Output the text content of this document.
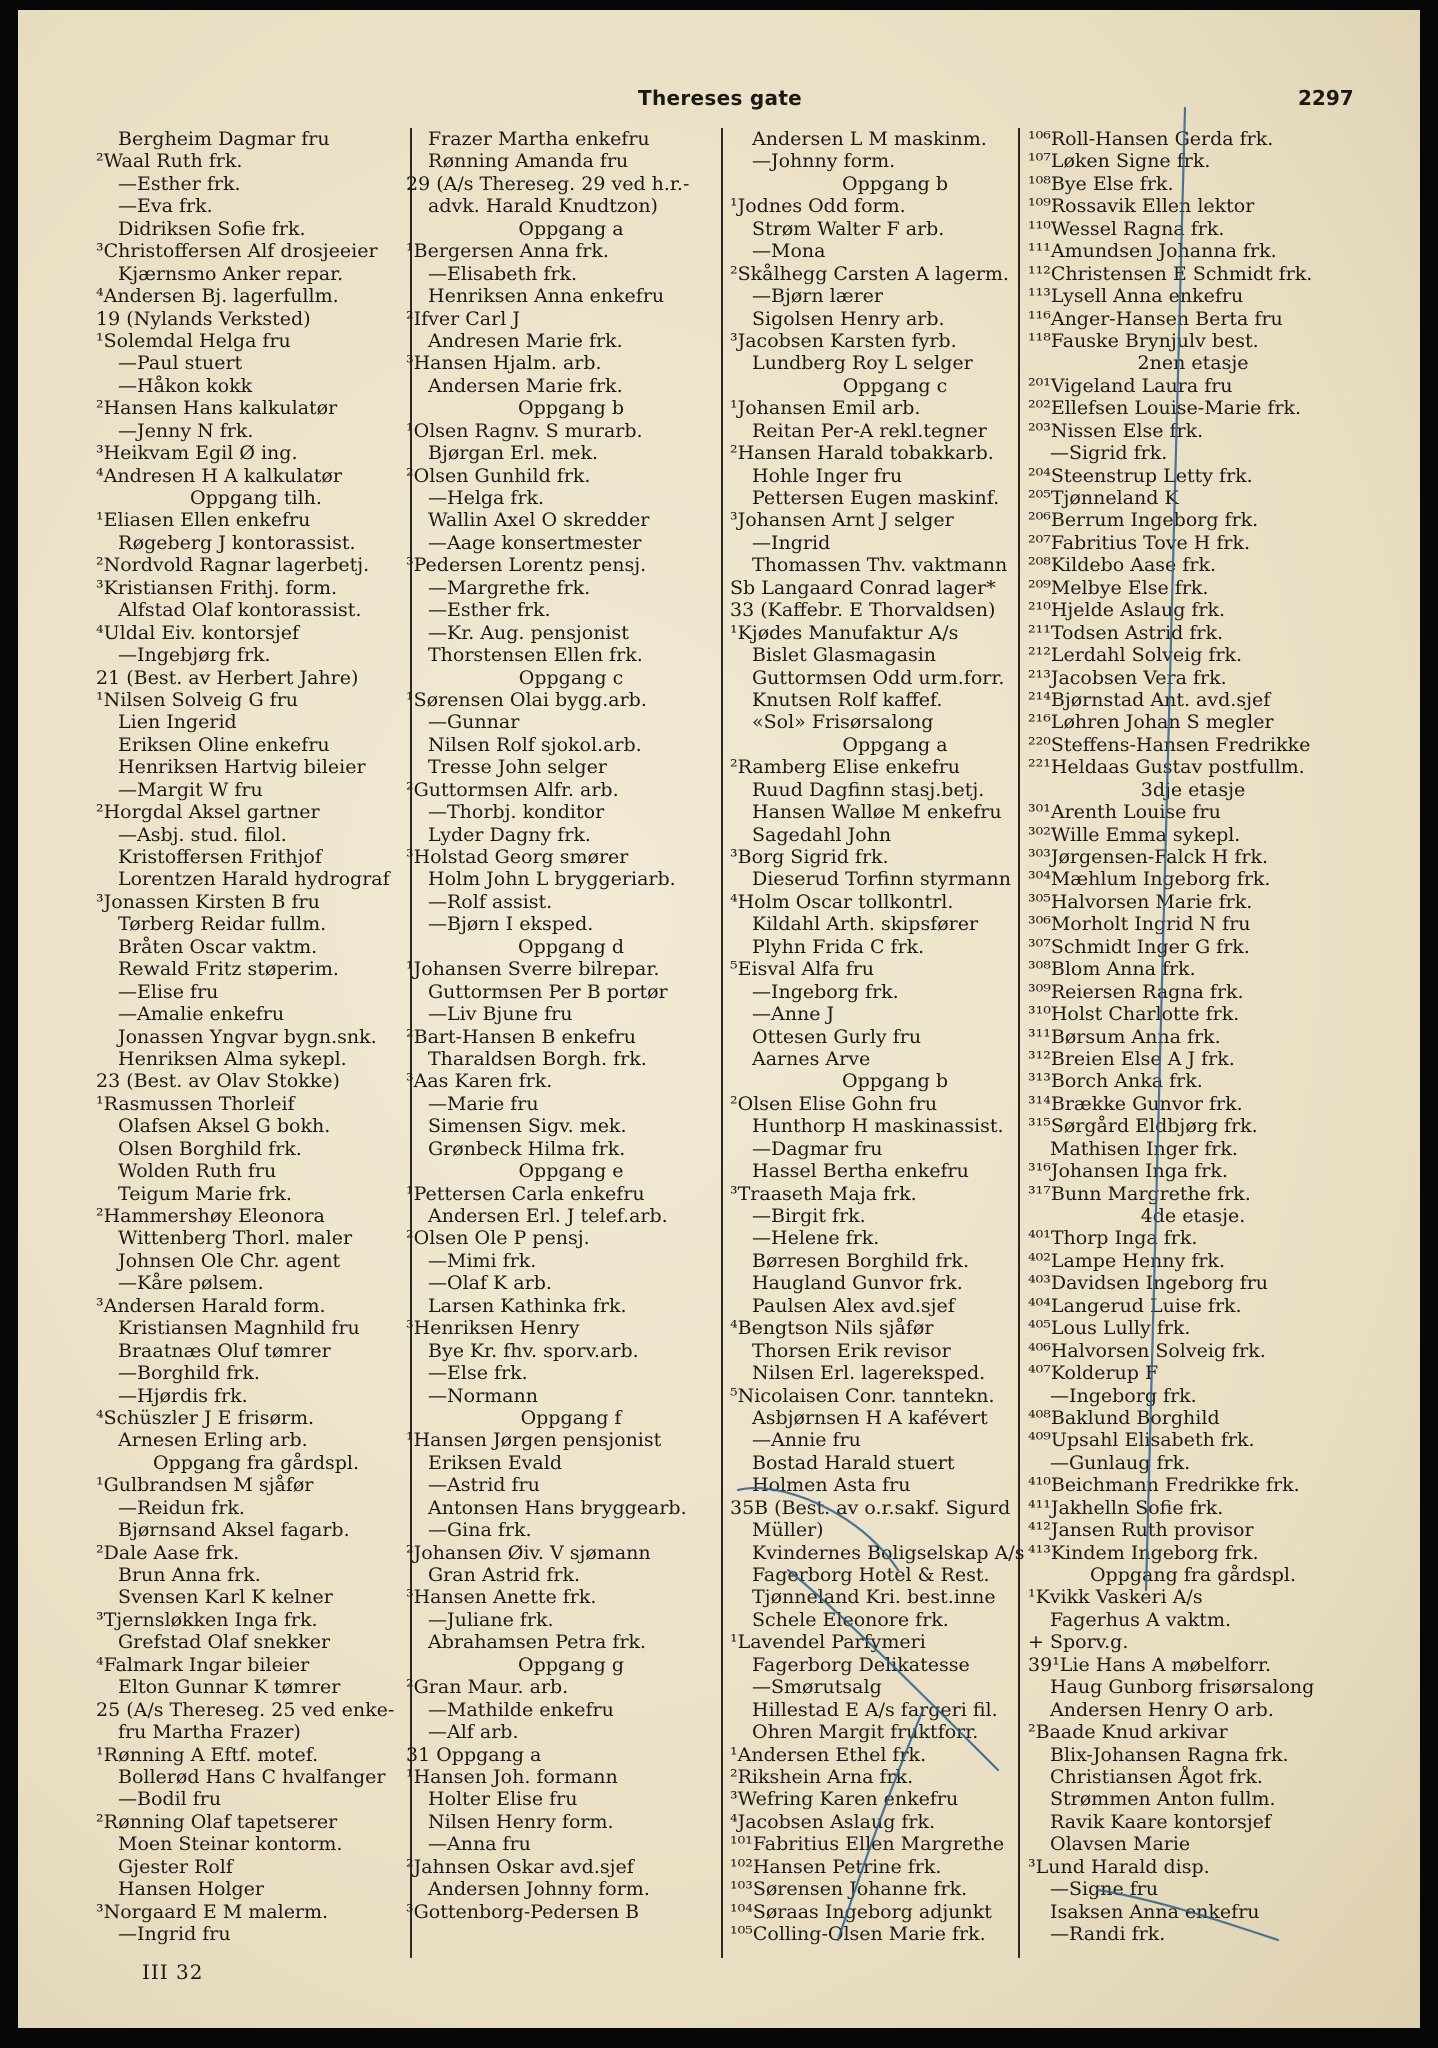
Thereses gate	2297
Bergheim Dagmar fru
²Waal Ruth frk.
—Esther frk.
—Eva frk.
Didriksen Sofie frk.
³Christoffersen Alf drosjeeier
Kjærnsmo Anker repar.
⁴Andersen Bj. lagerfullm.
19 (Nylands Verksted)
¹Solemdal Helga fru
—Paul stuert
—Håkon kokk
²Hansen Hans kalkulatør
—Jenny N frk.
³Heikvam Egil Ø ing.
⁴Andresen H A kalkulatør
Oppgang tilh.
¹Eliasen Ellen enkefru
Røgeberg J kontorassist.
²Nordvold Ragnar lagerbetj.
³Kristiansen Frithj. form.
Alfstad Olaf kontorassist.
⁴Uldal Eiv. kontorsjef
—Ingebjørg frk.
21 (Best. av Herbert Jahre)
¹Nilsen Solveig G fru
Lien Ingerid
Eriksen Oline enkefru
Henriksen Hartvig bileier
—Margit W fru
²Horgdal Aksel gartner
—Asbj. stud. filol.
Kristoffersen Frithjof
Lorentzen Harald hydrograf
³Jonassen Kirsten B fru
Tørberg Reidar fullm.
Bråten Oscar vaktm.
Rewald Fritz støperim.
—Elise fru
—Amalie enkefru
Jonassen Yngvar bygn.snk.
Henriksen Alma sykepl.
23 (Best. av Olav Stokke)
¹Rasmussen Thorleif
Olafsen Aksel G bokh.
Olsen Borghild frk.
Wolden Ruth fru
Teigum Marie frk.
²Hammershøy Eleonora
Wittenberg Thorl. maler
Johnsen Ole Chr. agent
—Kåre pølsem.
³Andersen Harald form.
Kristiansen Magnhild fru
Braatnæs Oluf tømrer
—Borghild frk.
—Hjørdis frk.
⁴Schüszler J E frisørm.
Arnesen Erling arb.
Oppgang fra gårdspl.
¹Gulbrandsen M sjåfør
—Reidun frk.
Bjørnsand Aksel fagarb.
²Dale Aase frk.
Brun Anna frk.
Svensen Karl K kelner
³Tjernsløkken Inga frk.
Grefstad Olaf snekker
⁴Falmark Ingar bileier
Elton Gunnar K tømrer
25 (A/s Thereseg. 25 ved enke-
fru Martha Frazer)
¹Rønning A Eftf. motef.
Bollerød Hans C hvalfanger
—Bodil fru
²Rønning Olaf tapetserer
Moen Steinar kontorm.
Gjester Rolf
Hansen Holger
³Norgaard E M malerm.
—Ingrid fru
Frazer Martha enkefru
Rønning Amanda fru
29 (A/s Thereseg. 29 ved h.r.-
advk. Harald Knudtzon)
Oppgang a
¹Bergersen Anna frk.
—Elisabeth frk.
Henriksen Anna enkefru
²Ifver Carl J
Andresen Marie frk.
³Hansen Hjalm. arb.
Andersen Marie frk.
Oppgang b
¹Olsen Ragnv. S murarb.
Bjørgan Erl. mek.
²Olsen Gunhild frk.
—Helga frk.
Wallin Axel O skredder
—Aage konsertmester
³Pedersen Lorentz pensj.
—Margrethe frk.
—Esther frk.
—Kr. Aug. pensjonist
Thorstensen Ellen frk.
Oppgang c
¹Sørensen Olai bygg.arb.
—Gunnar
Nilsen Rolf sjokol.arb.
Tresse John selger
²Guttormsen Alfr. arb.
—Thorbj. konditor
Lyder Dagny frk.
³Holstad Georg smører
Holm John L bryggeriarb.
—Rolf assist.
—Bjørn I eksped.
Oppgang d
¹Johansen Sverre bilrepar.
Guttormsen Per B portør
—Liv Bjune fru
²Bart-Hansen B enkefru
Tharaldsen Borgh. frk.
³Aas Karen frk.
—Marie fru
Simensen Sigv. mek.
Grønbeck Hilma frk.
Oppgang e
¹Pettersen Carla enkefru
Andersen Erl. J telef.arb.
²Olsen Ole P pensj.
—Mimi frk.
—Olaf K arb.
Larsen Kathinka frk.
³Henriksen Henry
Bye Kr. fhv. sporv.arb.
—Else frk.
—Normann
Oppgang f
¹Hansen Jørgen pensjonist
Eriksen Evald
—Astrid fru
Antonsen Hans bryggearb.
—Gina frk.
²Johansen Øiv. V sjømann
Gran Astrid frk.
³Hansen Anette frk.
—Juliane frk.
Abrahamsen Petra frk.
Oppgang g
²Gran Maur. arb.
—Mathilde enkefru
—Alf arb.
31 Oppgang a
¹Hansen Joh. formann
Holter Elise fru
Nilsen Henry form.
—Anna fru
²Jahnsen Oskar avd.sjef
Andersen Johnny form.
³Gottenborg-Pedersen B
Andersen L M maskinm.
—Johnny form.
Oppgang b
¹Jodnes Odd form.
Strøm Walter F arb.
—Mona
²Skålhegg Carsten A lagerm.
—Bjørn lærer
Sigolsen Henry arb.
³Jacobsen Karsten fyrb.
Lundberg Roy L selger
Oppgang c
¹Johansen Emil arb.
Reitan Per-A rekl.tegner
²Hansen Harald tobakkarb.
Hohle Inger fru
Pettersen Eugen maskinf.
³Johansen Arnt J selger
—Ingrid
Thomassen Thv. vaktmann
Sb Langaard Conrad lager*
33 (Kaffebr. E Thorvaldsen)
¹Kjødes Manufaktur A/s
Bislet Glasmagasin
Guttormsen Odd urm.forr.
Knutsen Rolf kaffef.
«Sol» Frisørsalong
Oppgang a
²Ramberg Elise enkefru
Ruud Dagfinn stasj.betj.
Hansen Walløe M enkefru
Sagedahl John
³Borg Sigrid frk.
Dieserud Torfinn styrmann
⁴Holm Oscar tollkontrl.
Kildahl Arth. skipsfører
Plyhn Frida C frk.
⁵Eisval Alfa fru
—Ingeborg frk.
—Anne J
Ottesen Gurly fru
Aarnes Arve
Oppgang b
²Olsen Elise Gohn fru
Hunthorp H maskinassist.
—Dagmar fru
Hassel Bertha enkefru
³Traaseth Maja frk.
—Birgit frk.
—Helene frk.
Børresen Borghild frk.
Haugland Gunvor frk.
Paulsen Alex avd.sjef
⁴Bengtson Nils sjåfør
Thorsen Erik revisor
Nilsen Erl. lagereksped.
⁵Nicolaisen Conr. tanntekn.
Asbjørnsen H A kafévert
—Annie fru
Bostad Harald stuert
Holmen Asta fru
35B (Best. av o.r.sakf. Sigurd
Müller)
Kvindernes Boligselskap A/s
Fagerborg Hotel & Rest.
Tjønneland Kri. best.inne
Schele Eleonore frk.
¹Lavendel Parfymeri
Fagerborg Delikatesse
—Smørutsalg
Hillestad E A/s fargeri fil.
Ohren Margit fruktforr.
¹Andersen Ethel frk.
²Rikshein Arna frk.
³Wefring Karen enkefru
⁴Jacobsen Aslaug frk.
¹⁰¹Fabritius Ellen Margrethe
¹⁰²Hansen Petrine frk.
¹⁰³Sørensen Johanne frk.
¹⁰⁴Søraas Ingeborg adjunkt
¹⁰⁵Colling-Olsen Marie frk.
¹⁰⁶Roll-Hansen Gerda frk.
¹⁰⁷Løken Signe frk.
¹⁰⁸Bye Else frk.
¹⁰⁹Rossavik Ellen lektor
¹¹⁰Wessel Ragna frk.
¹¹¹Amundsen Johanna frk.
¹¹²Christensen E Schmidt frk.
¹¹³Lysell Anna enkefru
¹¹⁶Anger-Hansen Berta fru
¹¹⁸Fauske Brynjulv best.
2nen etasje
²⁰¹Vigeland Laura fru
²⁰²Ellefsen Louise-Marie frk.
²⁰³Nissen Else frk.
—Sigrid frk.
²⁰⁴Steenstrup Letty frk.
²⁰⁵Tjønneland K
²⁰⁶Berrum Ingeborg frk.
²⁰⁷Fabritius Tove H frk.
²⁰⁸Kildebo Aase frk.
²⁰⁹Melbye Else frk.
²¹⁰Hjelde Aslaug frk.
²¹¹Todsen Astrid frk.
²¹²Lerdahl Solveig frk.
²¹³Jacobsen Vera frk.
²¹⁴Bjørnstad Ant. avd.sjef
²¹⁶Løhren Johan S megler
²²⁰Steffens-Hansen Fredrikke
²²¹Heldaas Gustav postfullm.
3dje etasje
³⁰¹Arenth Louise fru
³⁰²Wille Emma sykepl.
³⁰³Jørgensen-Falck H frk.
³⁰⁴Mæhlum Ingeborg frk.
³⁰⁵Halvorsen Marie frk.
³⁰⁶Morholt Ingrid N fru
³⁰⁷Schmidt Inger G frk.
³⁰⁸Blom Anna frk.
³⁰⁹Reiersen Ragna frk.
³¹⁰Holst Charlotte frk.
³¹¹Børsum Anna frk.
³¹²Breien Else A J frk.
³¹³Borch Anka frk.
³¹⁴Brække Gunvor frk.
³¹⁵Sørgård Eldbjørg frk.
Mathisen Inger frk.
³¹⁶Johansen Inga frk.
³¹⁷Bunn Margrethe frk.
4de etasje.
⁴⁰¹Thorp Inga frk.
⁴⁰²Lampe Henny frk.
⁴⁰³Davidsen Ingeborg fru
⁴⁰⁴Langerud Luise frk.
⁴⁰⁵Lous Lully frk.
⁴⁰⁶Halvorsen Solveig frk.
⁴⁰⁷Kolderup F
—Ingeborg frk.
⁴⁰⁸Baklund Borghild
⁴⁰⁹Upsahl Elisabeth frk.
—Gunlaug frk.
⁴¹⁰Beichmann Fredrikke frk.
⁴¹¹Jakhelln Sofie frk.
⁴¹²Jansen Ruth provisor
⁴¹³Kindem Ingeborg frk.
Oppgang fra gårdspl.
¹Kvikk Vaskeri A/s
Fagerhus A vaktm.
+ Sporv.g.
39¹Lie Hans A møbelforr.
Haug Gunborg frisørsalong
Andersen Henry O arb.
²Baade Knud arkivar
Blix-Johansen Ragna frk.
Christiansen Ågot frk.
Strømmen Anton fullm.
Ravik Kaare kontorsjef
Olavsen Marie
³Lund Harald disp.
—Signe fru
Isaksen Anna enkefru
—Randi frk.
III 32
